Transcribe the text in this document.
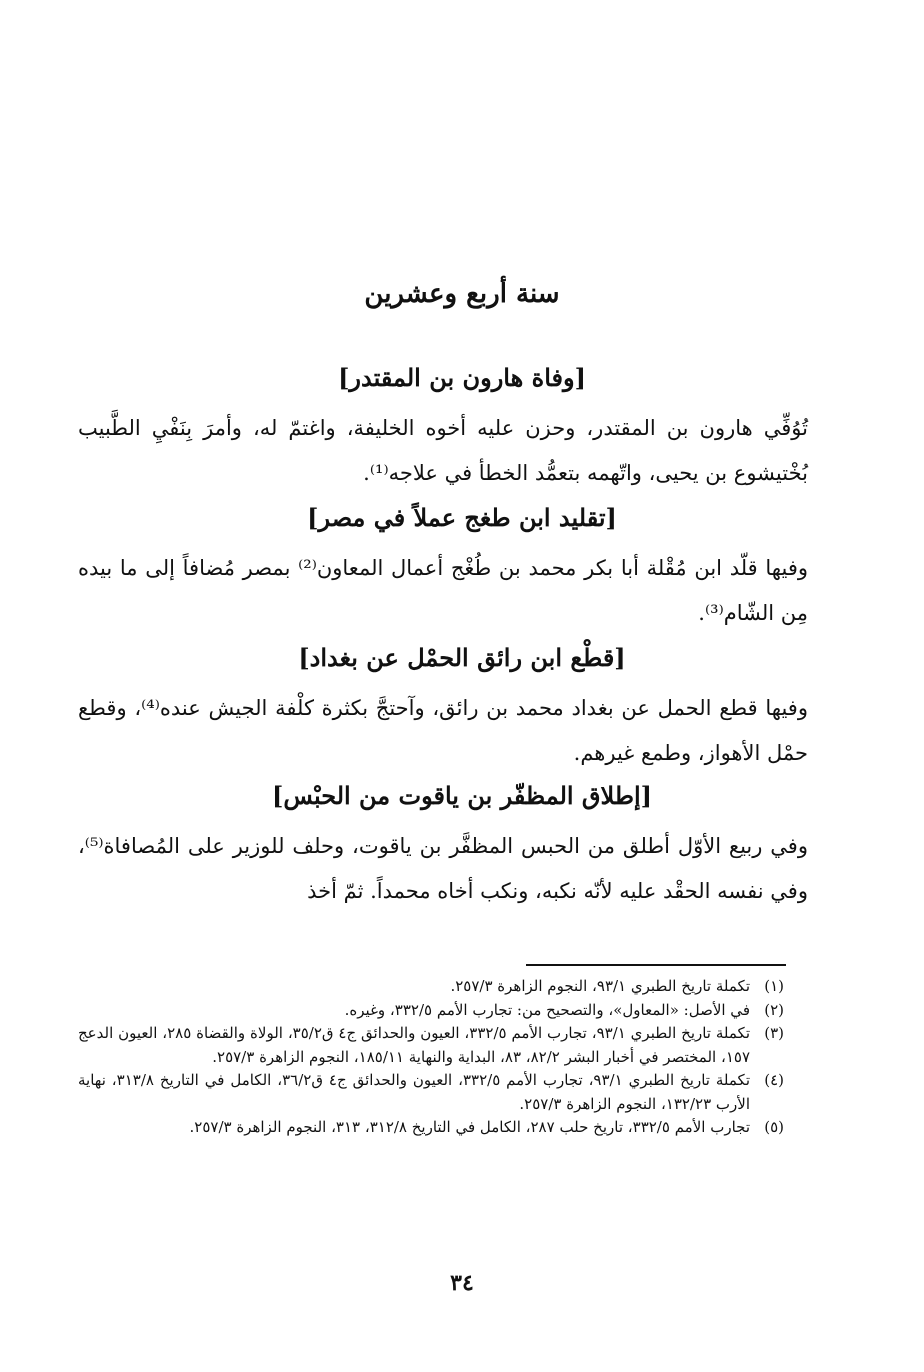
سنة أربع وعشرين
[وفاة هارون بن المقتدر]
تُوُفِّي هارون بن المقتدر، وحزن عليه أخوه الخليفة، واغتمّ له، وأمرَ بِنَفْيِ الطَّبيب بُخْتيشوع بن يحيى، واتّهمه بتعمُّد الخطأ في علاجه⁽¹⁾.
[تقليد ابن طغج عملاً في مصر]
وفيها قلّد ابن مُقْلة أبا بكر محمد بن طُغْج أعمال المعاون⁽²⁾ بمصر مُضافاً إلى ما بيده مِن الشّام⁽³⁾.
[قطْع ابن رائق الحمْل عن بغداد]
وفيها قطع الحمل عن بغداد محمد بن رائق، وآحتجَّ بكثرة كلْفة الجيش عنده⁽⁴⁾، وقطع حمْل الأهواز، وطمع غيرهم.
[إطلاق المظفّر بن ياقوت من الحبْس]
وفي ربيع الأوّل أطلق من الحبس المظفَّر بن ياقوت، وحلف للوزير على المُصافاة⁽⁵⁾، وفي نفسه الحقْد عليه لأنّه نكبه، ونكب أخاه محمداً. ثمّ أخذ
(١)
تكملة تاريخ الطبري ٩٣/١، النجوم الزاهرة ٢٥٧/٣.
(٢)
في الأصل: «المعاول»، والتصحيح من: تجارب الأمم ٣٣٢/٥، وغيره.
(٣)
تكملة تاريخ الطبري ٩٣/١، تجارب الأمم ٣٣٢/٥، العيون والحدائق ج٤ ق٣٥/٢، الولاة والقضاة ٢٨٥، العيون الدعج ١٥٧، المختصر في أخبار البشر ٨٢/٢، ٨٣، البداية والنهاية ١٨٥/١١، النجوم الزاهرة ٢٥٧/٣.
(٤)
تكملة تاريخ الطبري ٩٣/١، تجارب الأمم ٣٣٢/٥، العيون والحدائق ج٤ ق٣٦/٢، الكامل في التاريخ ٣١٣/٨، نهاية الأرب ١٣٢/٢٣، النجوم الزاهرة ٢٥٧/٣.
(٥)
تجارب الأمم ٣٣٢/٥، تاريخ حلب ٢٨٧، الكامل في التاريخ ٣١٢/٨، ٣١٣، النجوم الزاهرة ٢٥٧/٣.
٣٤
